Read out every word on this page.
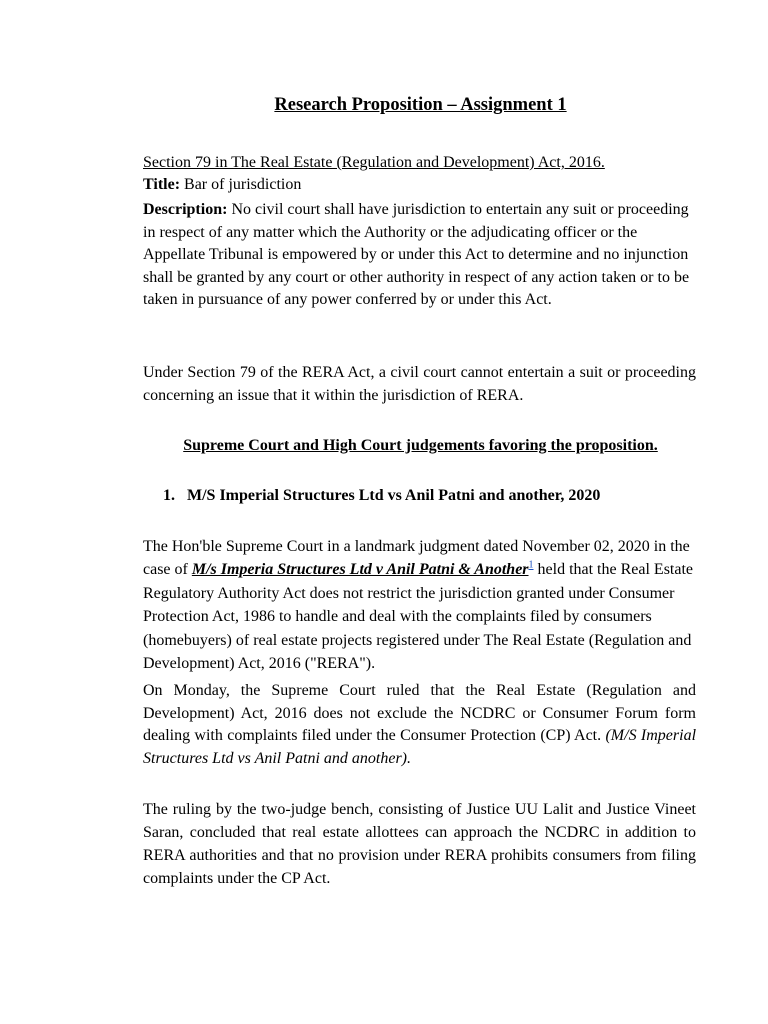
Research Proposition – Assignment 1
Section 79 in The Real Estate (Regulation and Development) Act, 2016.
Title: Bar of jurisdiction
Description: No civil court shall have jurisdiction to entertain any suit or proceeding in respect of any matter which the Authority or the adjudicating officer or the Appellate Tribunal is empowered by or under this Act to determine and no injunction shall be granted by any court or other authority in respect of any action taken or to be taken in pursuance of any power conferred by or under this Act.
Under Section 79 of the RERA Act, a civil court cannot entertain a suit or proceeding concerning an issue that it within the jurisdiction of RERA.
Supreme Court and High Court judgements favoring the proposition.
1. M/S Imperial Structures Ltd vs Anil Patni and another, 2020
The Hon'ble Supreme Court in a landmark judgment dated November 02, 2020 in the case of M/s Imperia Structures Ltd v Anil Patni & Another$^1$ held that the Real Estate Regulatory Authority Act does not restrict the jurisdiction granted under Consumer Protection Act, 1986 to handle and deal with the complaints filed by consumers (homebuyers) of real estate projects registered under The Real Estate (Regulation and Development) Act, 2016 ("RERA").
On Monday, the Supreme Court ruled that the Real Estate (Regulation and Development) Act, 2016 does not exclude the NCDRC or Consumer Forum form dealing with complaints filed under the Consumer Protection (CP) Act. (M/S Imperial Structures Ltd vs Anil Patni and another).
The ruling by the two-judge bench, consisting of Justice UU Lalit and Justice Vineet Saran, concluded that real estate allottees can approach the NCDRC in addition to RERA authorities and that no provision under RERA prohibits consumers from filing complaints under the CP Act.
